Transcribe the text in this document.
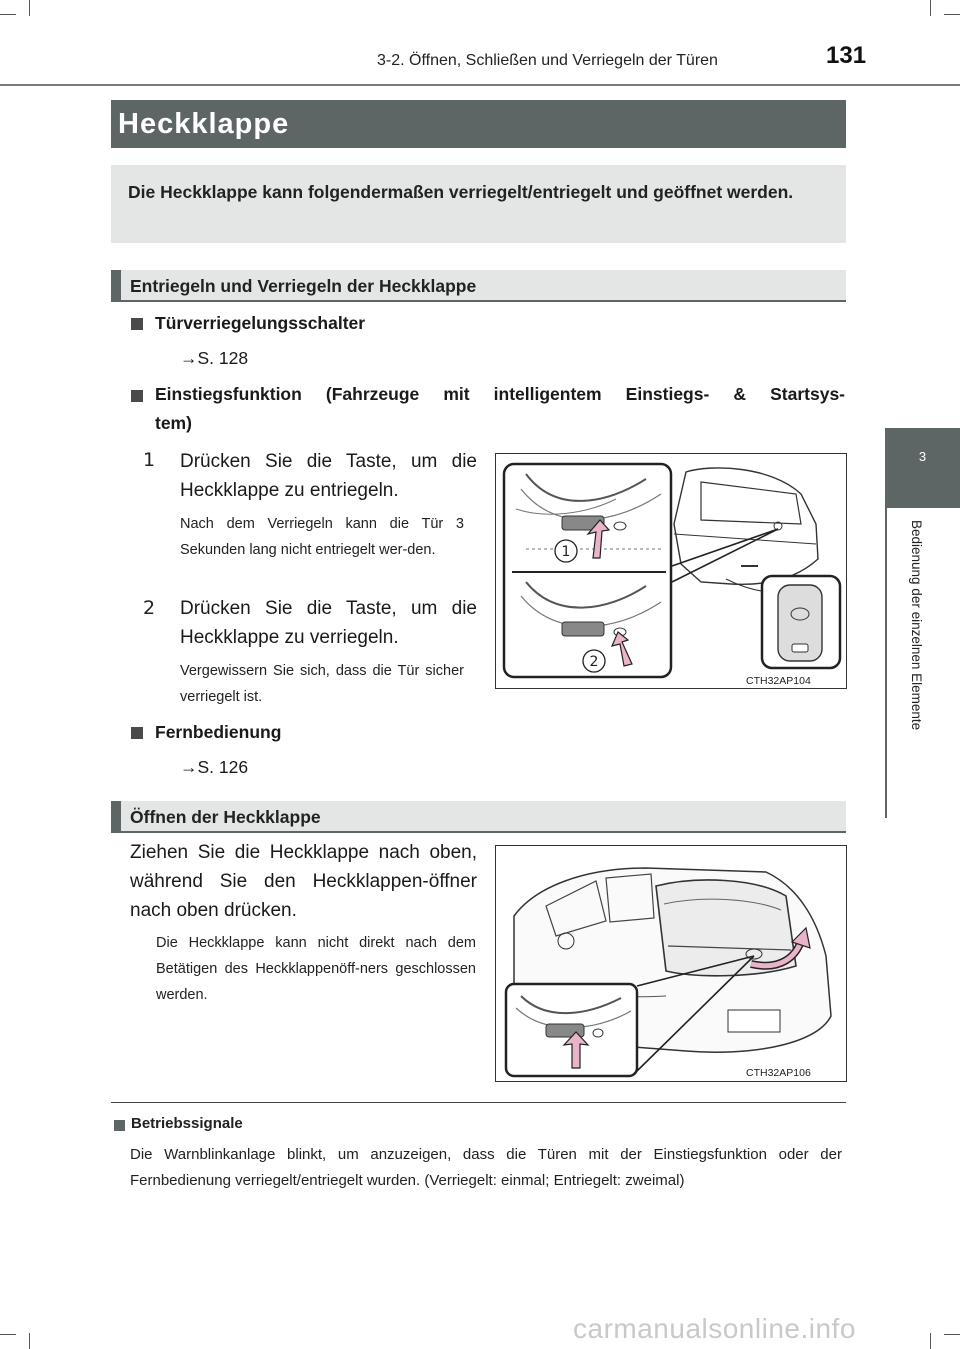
3-2. Öffnen, Schließen und Verriegeln der Türen	131
3
Bedienung der einzelnen Elemente
Heckklappe
Die Heckklappe kann folgendermaßen verriegelt/entriegelt und geöffnet werden.
Entriegeln und Verriegeln der Heckklappe
Türverriegelungsschalter
→S. 128
Einstiegsfunktion (Fahrzeuge mit intelligentem Einstiegs- & Startsys-
tem)
1 Drücken Sie die Taste, um die Heckklappe zu entriegeln.
Nach dem Verriegeln kann die Tür 3 Sekunden lang nicht entriegelt wer-den.
2 Drücken Sie die Taste, um die Heckklappe zu verriegeln.
Vergewissern Sie sich, dass die Tür sicher verriegelt ist.
1
2
CTH32AP104
Fernbedienung
→S. 126
Öffnen der Heckklappe
Ziehen Sie die Heckklappe nach oben, während Sie den Heckklappen-öffner nach oben drücken.
Die Heckklappe kann nicht direkt nach dem Betätigen des Heckklappenöff-ners geschlossen werden.
CTH32AP106
Betriebssignale
Die Warnblinkanlage blinkt, um anzuzeigen, dass die Türen mit der Einstiegsfunktion oder der Fernbedienung verriegelt/entriegelt wurden. (Verriegelt: einmal; Entriegelt: zweimal)
carmanualsonline.info
